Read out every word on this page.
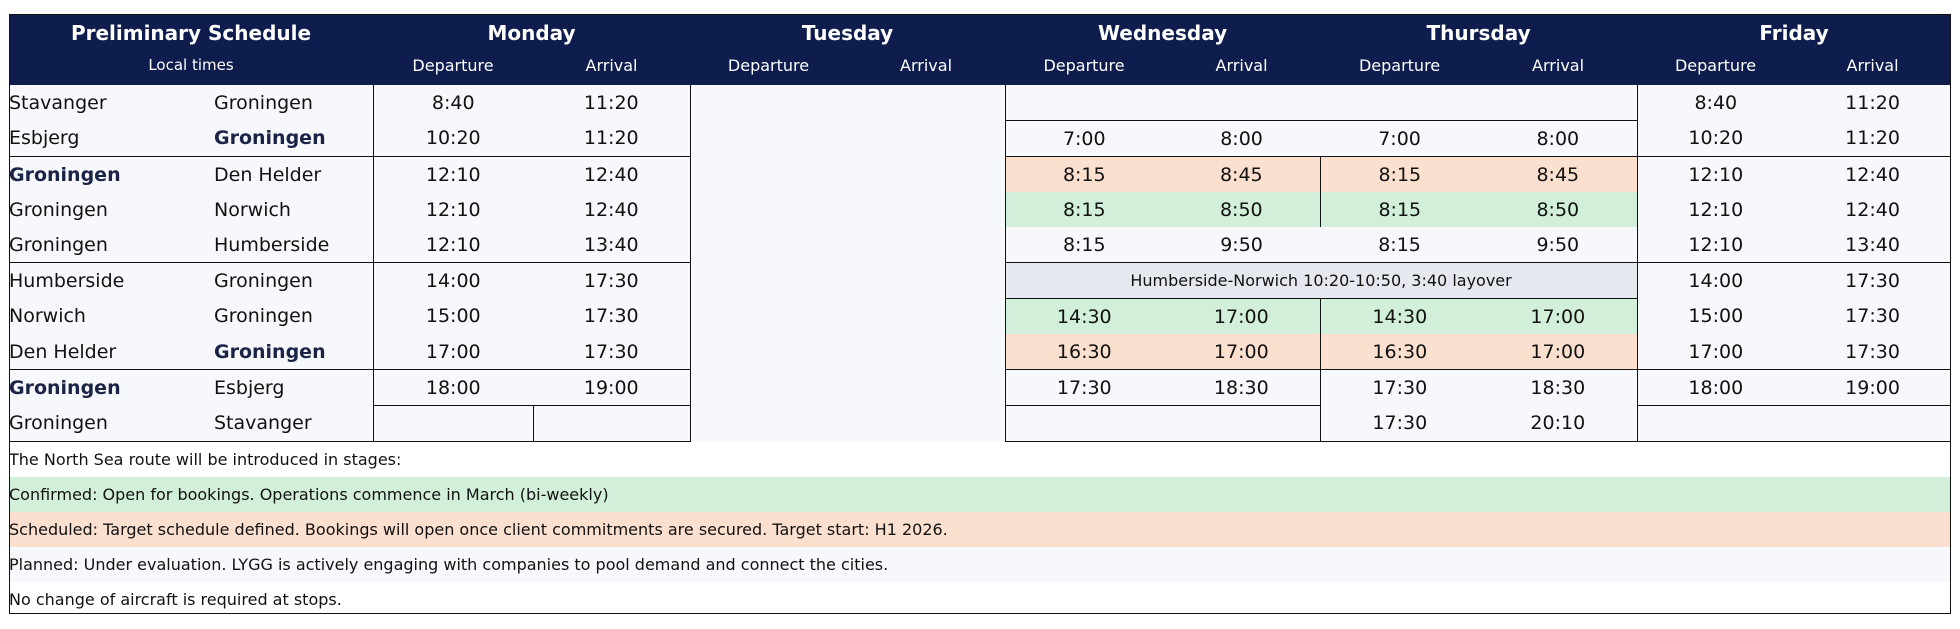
Preliminary Schedule		Monday		Tuesday		Wednesday		Thursday		Friday	
Local times		Departure	Arrival	Departure	Arrival	Departure	Arrival	Departure	Arrival	Departure	Arrival
Stavanger	Groningen	8:40	11:20							8:40	11:20
Esbjerg	Groningen	10:20	11:20			7:00	8:00	7:00	8:00	10:20	11:20
Groningen	Den Helder	12:10	12:40			8:15	8:45	8:15	8:45	12:10	12:40
Groningen	Norwich	12:10	12:40			8:15	8:50	8:15	8:50	12:10	12:40
Groningen	Humberside	12:10	13:40			8:15	9:50	8:15	9:50	12:10	13:40
Humberside	Groningen	14:00	17:30			Humberside-Norwich 10:20-10:50, 3:40 layover				14:00	17:30
Norwich	Groningen	15:00	17:30			14:30	17:00	14:30	17:00	15:00	17:30
Den Helder	Groningen	17:00	17:30			16:30	17:00	16:30	17:00	17:00	17:30
Groningen	Esbjerg	18:00	19:00			17:30	18:30	17:30	18:30	18:00	19:00
Groningen	Stavanger							17:30	20:10		
The North Sea route will be introduced in stages:											
Confirmed: Open for bookings. Operations commence in March (bi-weekly)											
Scheduled: Target schedule defined. Bookings will open once client commitments are secured. Target start: H1 2026.											
Planned: Under evaluation. LYGG is actively engaging with companies to pool demand and connect the cities.											
No change of aircraft is required at stops.											
